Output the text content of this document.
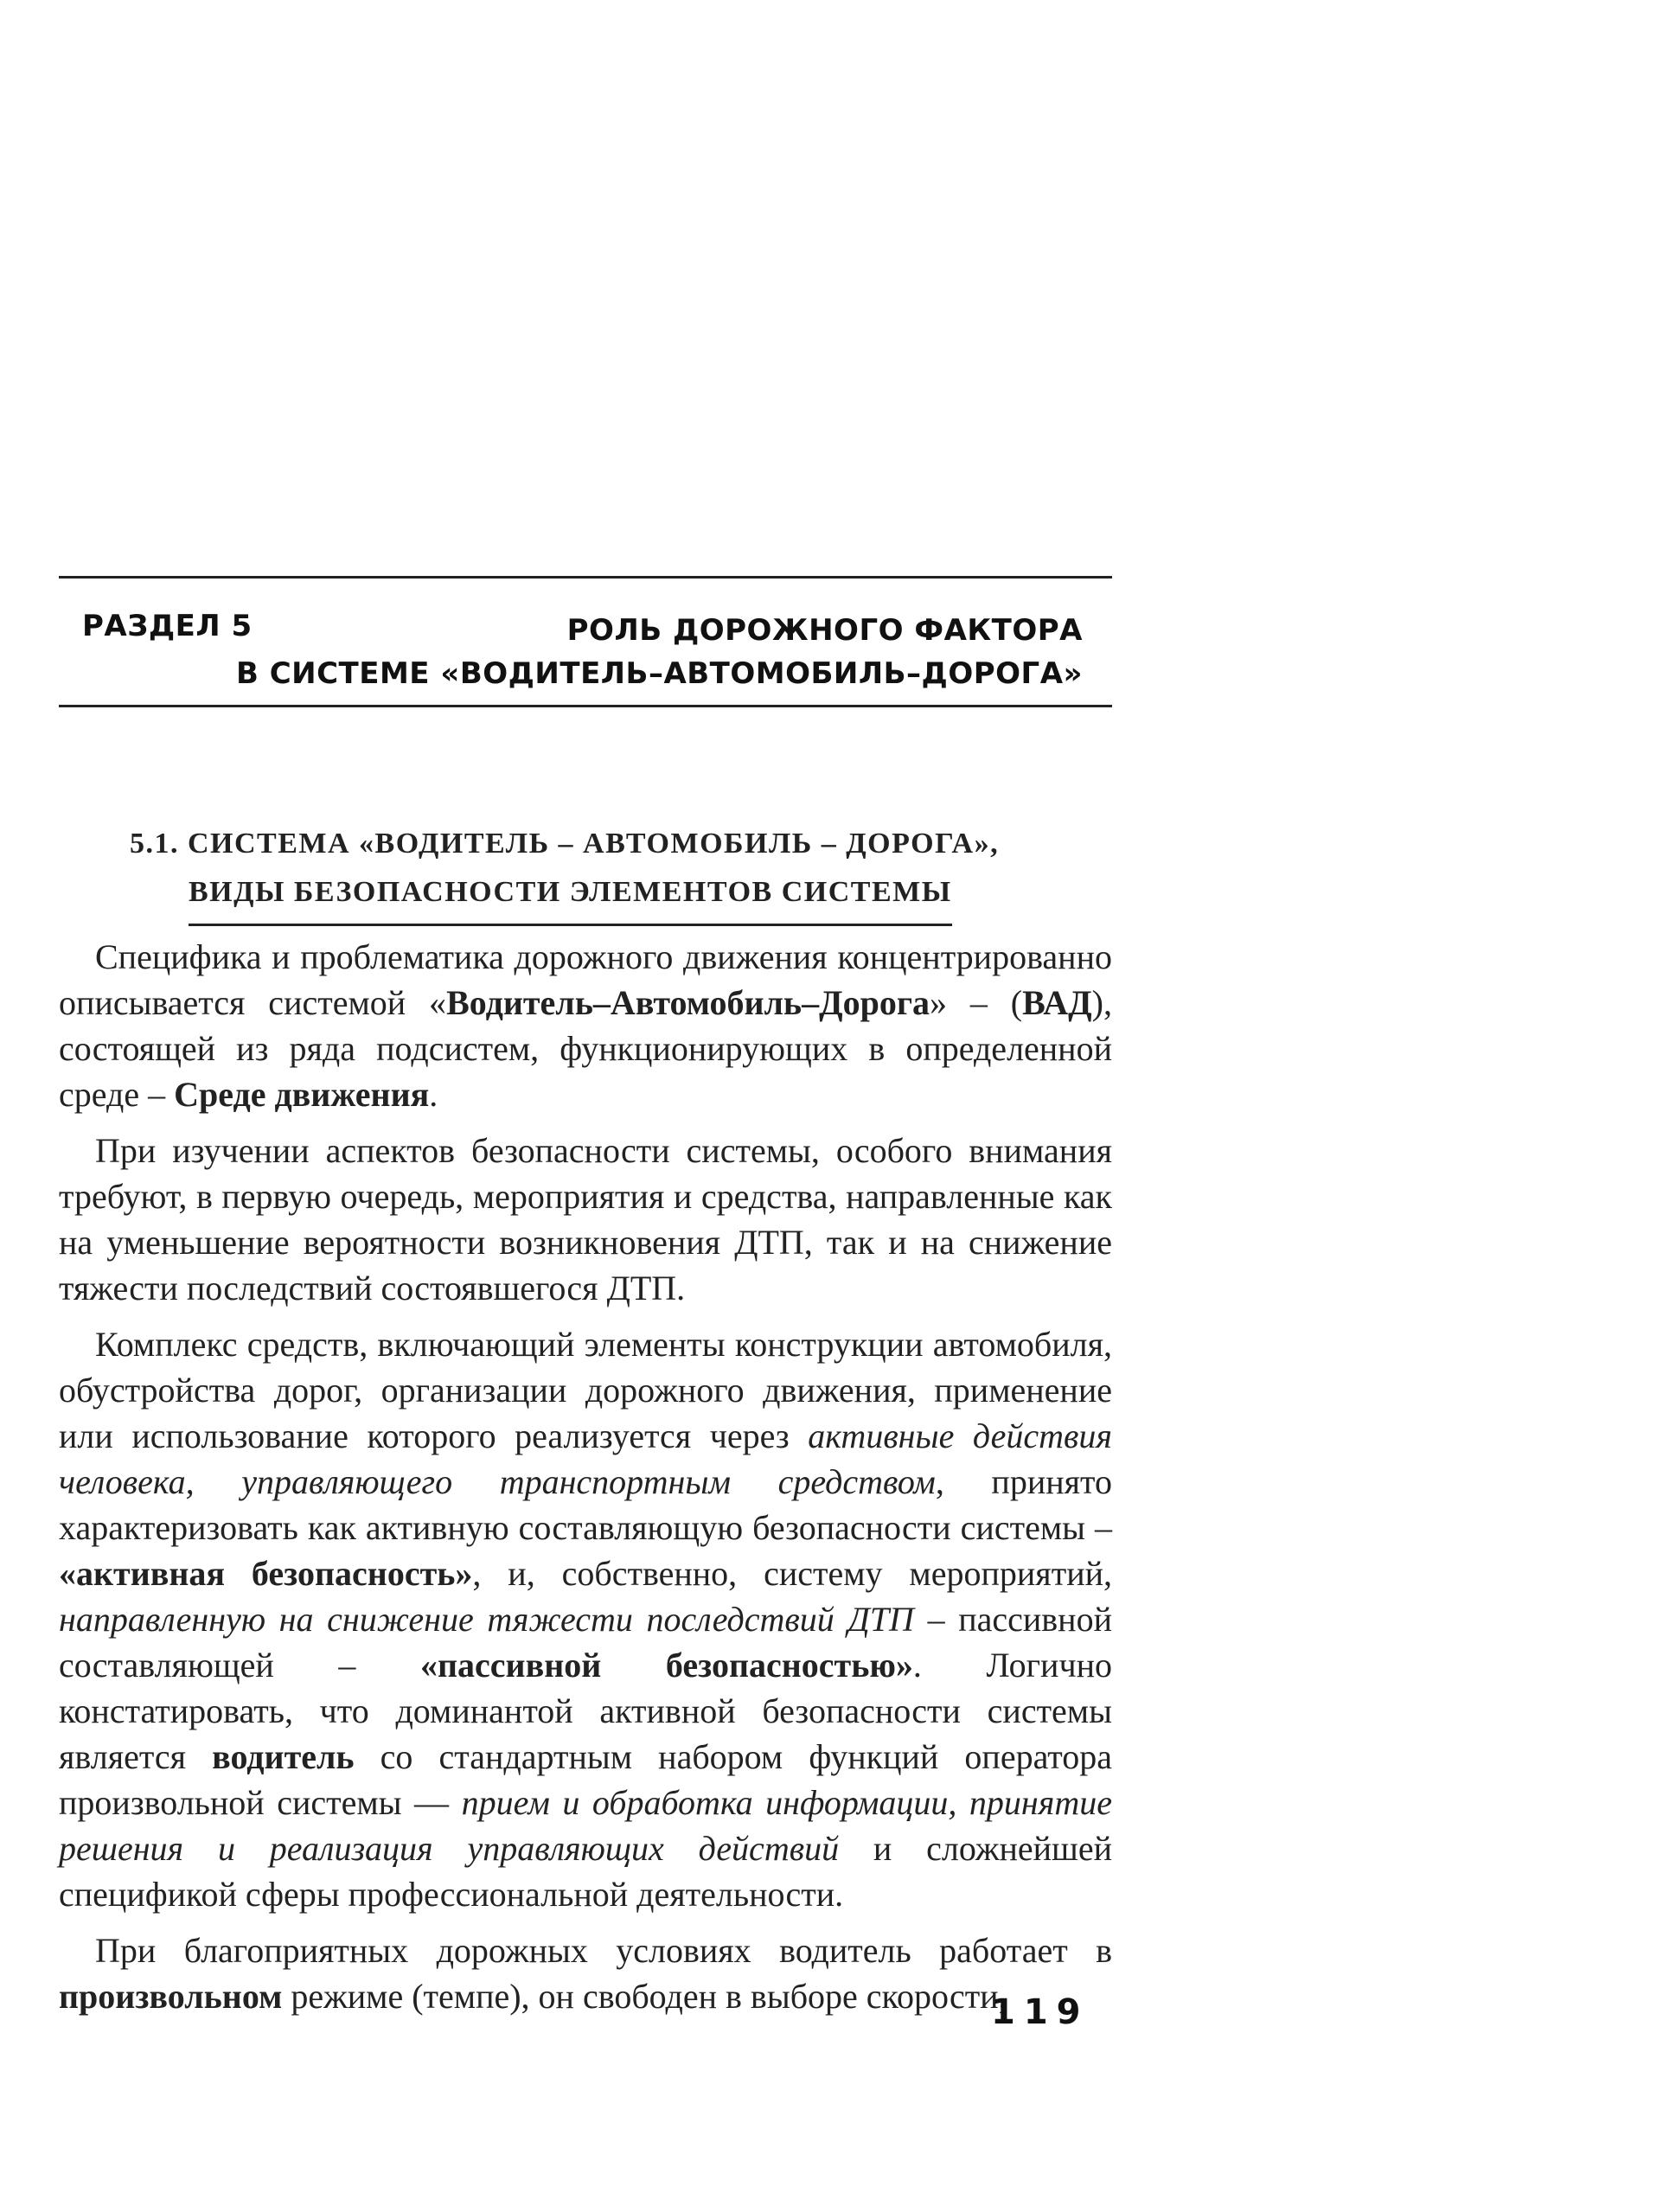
РАЗДЕЛ 5	РОЛЬ ДОРОЖНОГО ФАКТОРА
В СИСТЕМЕ «ВОДИТЕЛЬ–АВТОМОБИЛЬ–ДОРОГА»
5.1. СИСТЕМА «ВОДИТЕЛЬ – АВТОМОБИЛЬ – ДОРОГА»,
ВИДЫ БЕЗОПАСНОСТИ ЭЛЕМЕНТОВ СИСТЕМЫ

Специфика и проблематика дорожного движения концентрированно описывается системой «Водитель–Автомобиль–Дорога» – (ВАД), состоящей из ряда подсистем, функционирующих в определенной среде – Среде движения.

При изучении аспектов безопасности системы, особого внимания требуют, в первую очередь, мероприятия и средства, направленные как на уменьшение вероятности возникновения ДТП, так и на снижение тяжести последствий состоявшегося ДТП.

Комплекс средств, включающий элементы конструкции автомобиля, обустройства дорог, организации дорожного движения, применение или использование которого реализуется через активные действия человека, управляющего транспортным средством, принято характеризовать как активную составляющую безопасности системы – «активная безопасность», и, собственно, систему мероприятий, направленную на снижение тяжести последствий ДТП – пассивной составляющей – «пассивной безопасностью». Логично констатировать, что доминантой активной безопасности системы является водитель со стандартным набором функций оператора произвольной системы — прием и обработка информации, принятие решения и реализация управляющих действий и сложнейшей спецификой сферы профессиональной деятельности.

При благоприятных дорожных условиях водитель работает в произвольном режиме (темпе), он свободен в выборе скорости,

119
